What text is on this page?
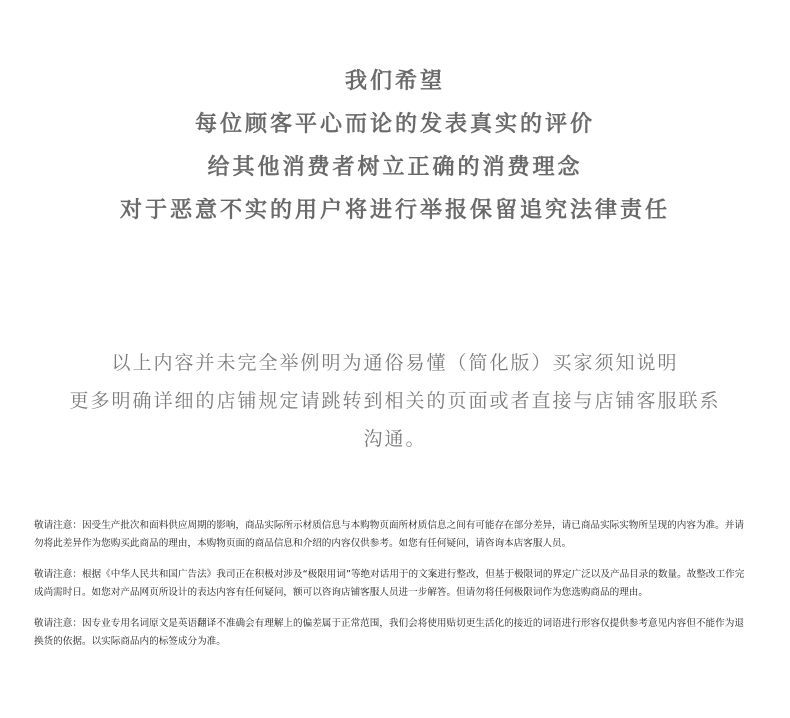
我们希望

每位顾客平心而论的发表真实的评价

给其他消费者树立正确的消费理念

对于恶意不实的用户将进行举报保留追究法律责任

以上内容并未完全举例明为通俗易懂（简化版）买家须知说明

更多明确详细的店铺规定请跳转到相关的页面或者直接与店铺客服联系

沟通。

敬请注意：因受生产批次和面料供应周期的影响，商品实际所示材质信息与本购物页面所材质信息之间有可能存在部分差异，请已商品实际实物所呈现的内容为准。并请勿将此差异作为您购买此商品的理由，本购物页面的商品信息和介绍的内容仅供参考。如您有任何疑问，请咨询本店客服人员。

敬请注意：根据《中华人民共和国广告法》我司正在积极对涉及“极限用词”等绝对话用于的文案进行整改，但基于极限词的界定广泛以及产品目录的数量。故整改工作完成尚需时日。如您对产品网页所设计的表达内容有任何疑问，额可以咨询店铺客服人员进一步解答。但请勿将任何极限词作为您选购商品的理由。

敬请注意：因专业专用名词原文是英语翻译不准确会有理解上的偏差属于正常范围，我们会将使用贴切更生活化的接近的词语进行形容仅提供参考意见内容但不能作为退换货的依据。以实际商品内的标签成分为准。
